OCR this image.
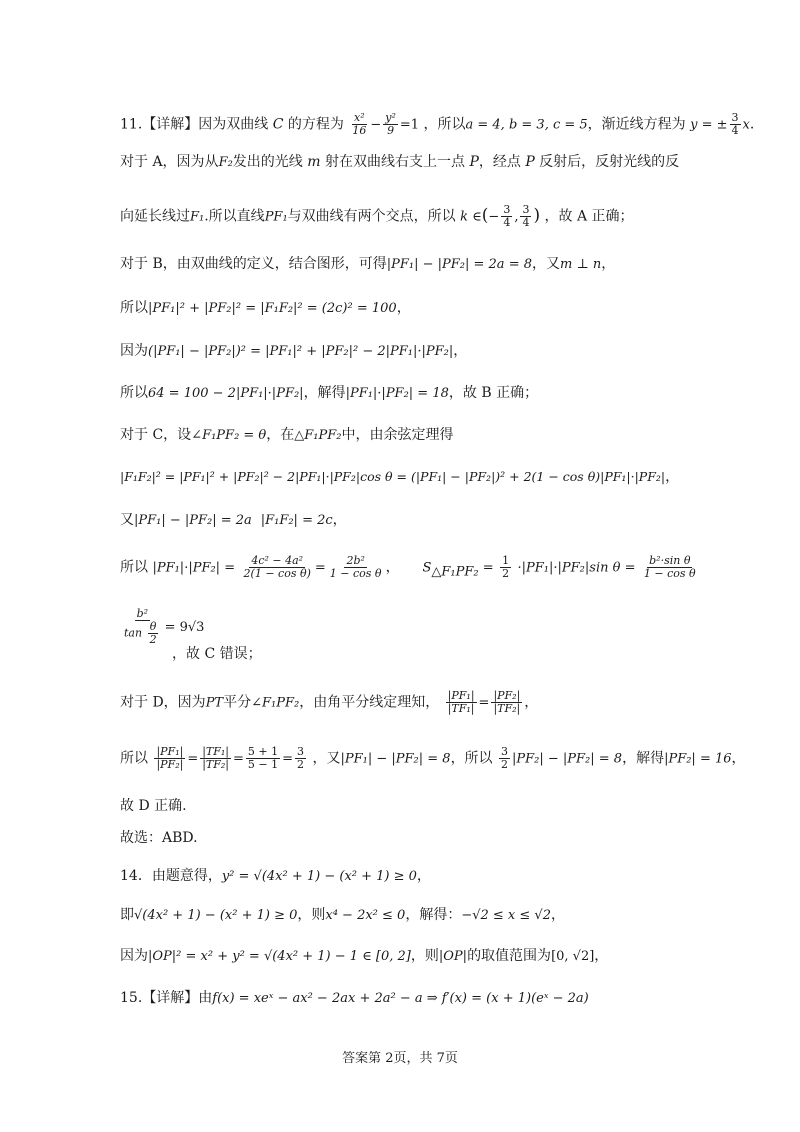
11.【详解】因为双曲线 C 的方程为 $\frac{\text{x²}}{16} - \frac{\text{y²}}{9} =1$ ，所以a = 4, b = 3, c = 5，渐近线方程为 y = ± $\frac{3}{4} x$.
对于 A，因为从F₂发出的光线 m 射在双曲线右支上一点 P，经点 P 反射后，反射光线的反
向延长线过F₁.所以直线PF₁与双曲线有两个交点，所以 k ∈(− $\frac{3}{4}$ , $\frac{3}{4}$ ) ，故 A 正确；
对于 B，由双曲线的定义，结合图形，可得|PF₁| − |PF₂| = 2a = 8，又m ⊥ n，
所以|PF₁|² + |PF₂|² = |F₁F₂|² = (2c)² = 100，
因为(|PF₁| − |PF₂|)² = |PF₁|² + |PF₂|² − 2|PF₁|·|PF₂|，
所以64 = 100 − 2|PF₁|·|PF₂|，解得|PF₁|·|PF₂| = 18，故 B 正确；
对于 C，设∠F₁PF₂ = θ，在△F₁PF₂中，由余弦定理得
|F₁F₂|² = |PF₁|² + |PF₂|² − 2|PF₁|·|PF₂|cos θ = (|PF₁| − |PF₂|)² + 2(1 − cos θ)|PF₁|·|PF₂|，
又|PF₁| − |PF₂| = 2a |F₁F₂| = 2c，
所以 $|PF_1|\cdot|PF_2| = \frac{\text{4c² − 4a²}}{\text{2(1 − cos θ)}} = \frac{\text{2b²}}{\text{1 − cos θ}}$ ， $S_{\triangle F_1PF_2} = \frac{1}{2} \cdot|PF_1|\cdot|PF_2|\sin$ $\theta = \frac{\text{b²·sin θ}}{\text{1 − cos θ}}$
$\frac{\text{b²}}{\tan \frac{\theta}{2}} = 9√3$
，故 C 错误；
对于 D，因为PT平分∠F₁PF₂，由角平分线定理知， $\frac{\text{|PF₁|}}{\text{|TF₁|}} = \frac{\text{|PF₂|}}{\text{|TF₂|}}$ ，
所以 $\frac{\text{|PF₁|}}{\text{|PF₂|}} = \frac{\text{|TF₁|}}{\text{|TF₂|}} = \frac{5 + 1}{5 - 1} = \frac{3}{2}$ ，又|PF₁| − |PF₂| = 8，所以 $\frac{3}{2} |PF_2| - |PF_2| = 8$，解得|PF₂| = 16，
故 D 正确.
故选：ABD.
14．由题意得，y² = √(4x² + 1) − (x² + 1) ≥ 0，
即√(4x² + 1) − (x² + 1) ≥ 0，则x⁴ − 2x² ≤ 0，解得：−√2 ≤ x ≤ √2，
因为|OP|² = x² + y² = √(4x² + 1) − 1 ∈ [0, 2]，则|OP|的取值范围为[0, √2]，
15.【详解】由f(x) = xeˣ − ax² − 2ax + 2a² − a ⇒ f′(x) = (x + 1)(eˣ − 2a)
答案第 2页，共 7页
